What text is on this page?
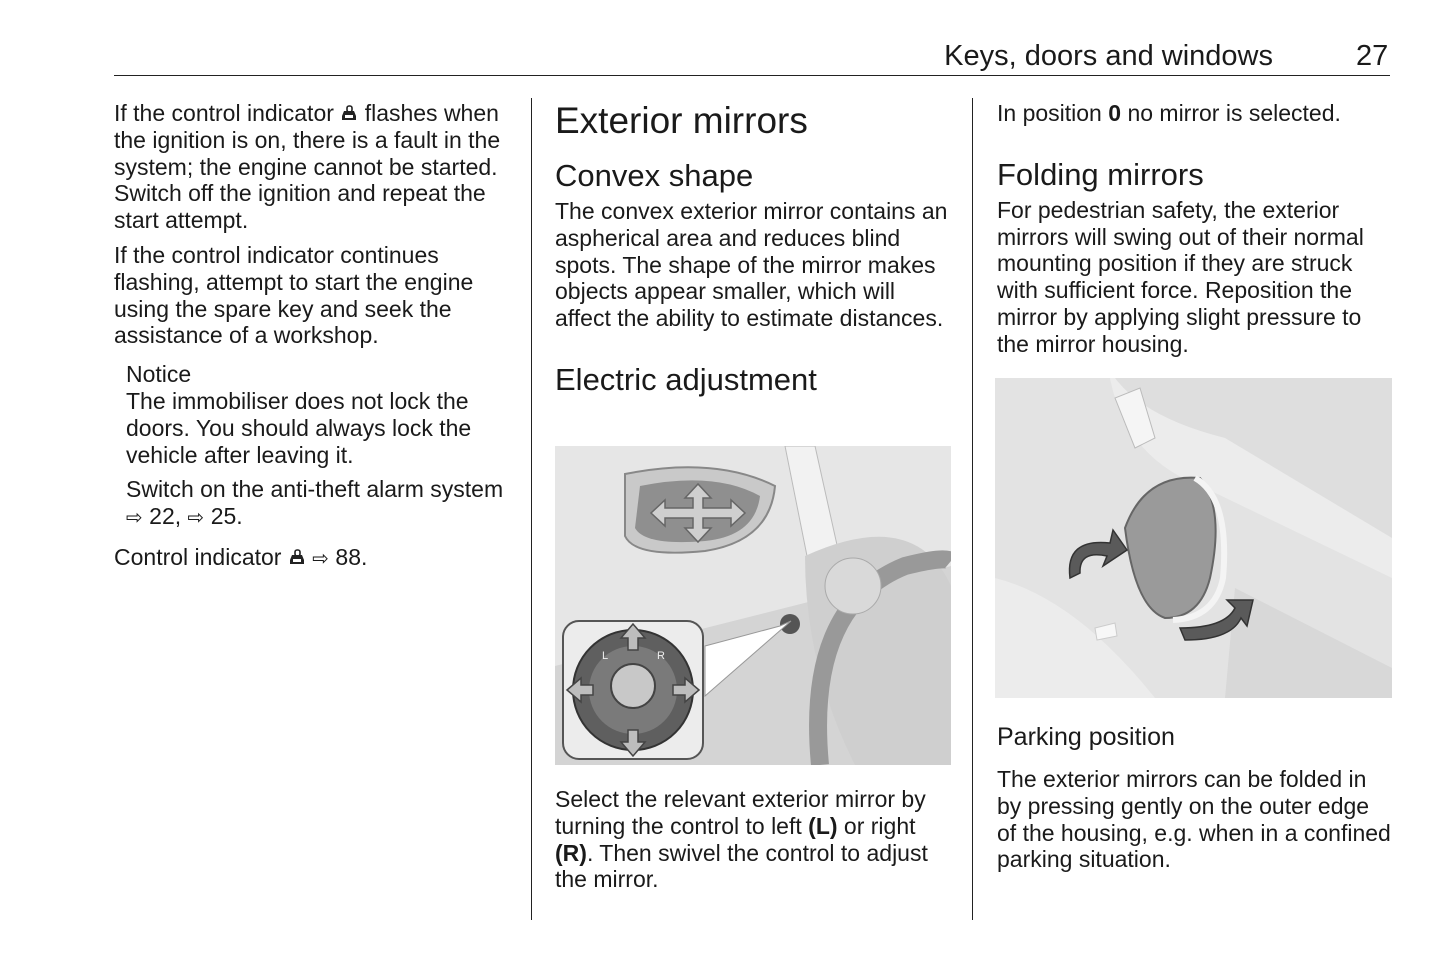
Keys, doors and windows	27

If the control indicator flashes when the ignition is on, there is a fault in the system; the engine cannot be started. Switch off the ignition and repeat the start attempt.

If the control indicator continues flashing, attempt to start the engine using the spare key and seek the assistance of a workshop.

Notice

The immobiliser does not lock the doors. You should always lock the vehicle after leaving it.

Switch on the anti-theft alarm system ⇨ 22, ⇨ 25.

Control indicator ⇨ 88.

Exterior mirrors
Convex shape

The convex exterior mirror contains an aspherical area and reduces blind spots. The shape of the mirror makes objects appear smaller, which will affect the ability to estimate distances.

Electric adjustment
L	R

Select the relevant exterior mirror by turning the control to left (L) or right (R). Then swivel the control to adjust the mirror.

In position 0 no mirror is selected.

Folding mirrors

For pedestrian safety, the exterior mirrors will swing out of their normal mounting position if they are struck with sufficient force. Reposition the mirror by applying slight pressure to the mirror housing.

Parking position

The exterior mirrors can be folded in by pressing gently on the outer edge of the housing, e.g. when in a confined parking situation.
